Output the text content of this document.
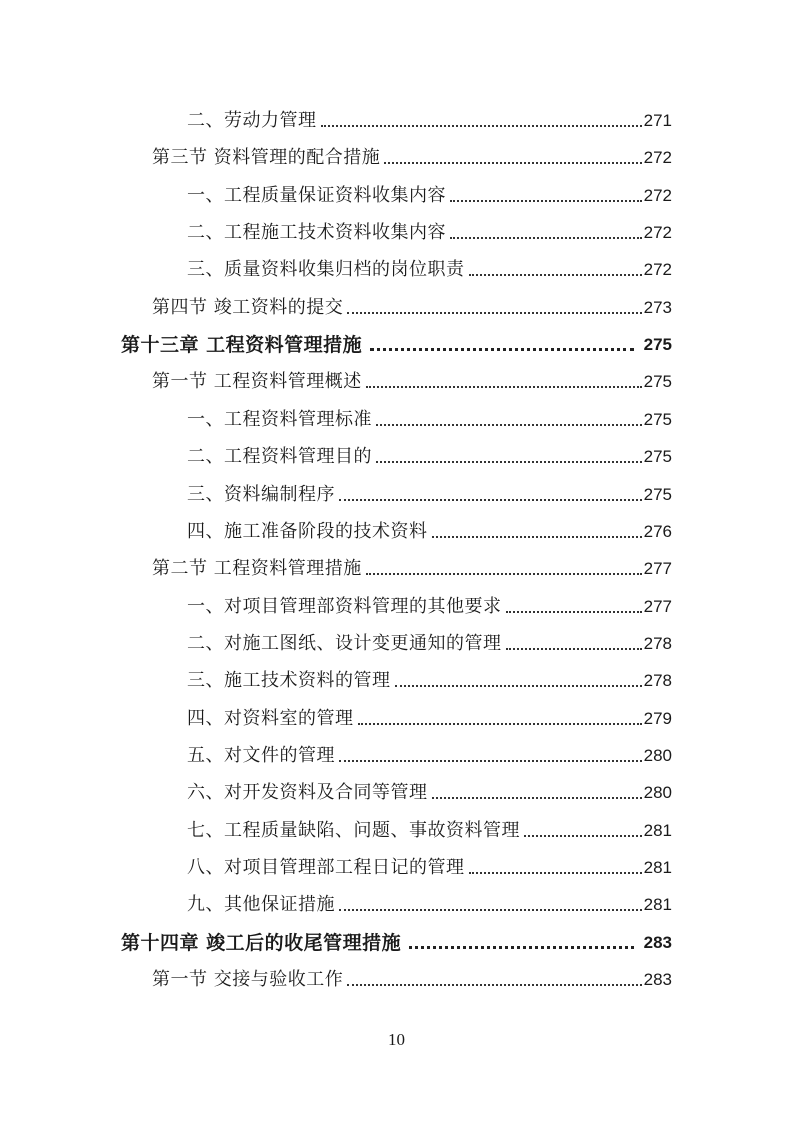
二、劳动力管理	271
第三节 资料管理的配合措施	272
一、工程质量保证资料收集内容	272
二、工程施工技术资料收集内容	272
三、质量资料收集归档的岗位职责	272
第四节 竣工资料的提交	273
第十三章 工程资料管理措施	275
第一节 工程资料管理概述	275
一、工程资料管理标准	275
二、工程资料管理目的	275
三、资料编制程序	275
四、施工准备阶段的技术资料	276
第二节 工程资料管理措施	277
一、对项目管理部资料管理的其他要求	277
二、对施工图纸、设计变更通知的管理	278
三、施工技术资料的管理	278
四、对资料室的管理	279
五、对文件的管理	280
六、对开发资料及合同等管理	280
七、工程质量缺陷、问题、事故资料管理	281
八、对项目管理部工程日记的管理	281
九、其他保证措施	281
第十四章 竣工后的收尾管理措施	283
第一节 交接与验收工作	283
10
